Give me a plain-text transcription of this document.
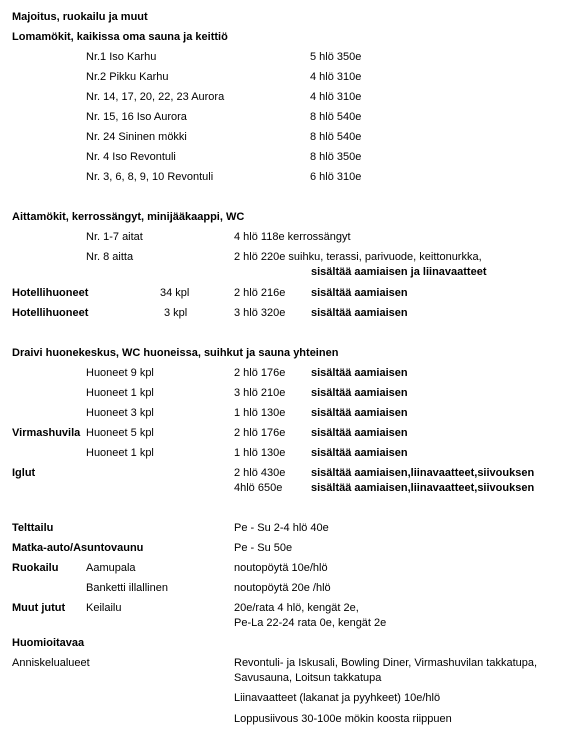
Majoitus, ruokailu ja muut
Lomamökit, kaikissa oma sauna ja keittiö
Nr.1 Iso Karhu	5 hlö 350e
Nr.2 Pikku Karhu	4 hlö 310e
Nr. 14, 17, 20, 22, 23 Aurora	4 hlö 310e
Nr. 15, 16 Iso Aurora	8 hlö 540e
Nr. 24 Sininen mökki	8 hlö 540e
Nr. 4 Iso Revontuli	8 hlö 350e
Nr. 3, 6, 8, 9, 10 Revontuli	6 hlö 310e
Aittamökit, kerrossängyt, minijääkaappi, WC
Nr. 1-7 aitat	4 hlö 118e kerrossängyt
Nr. 8 aitta	2 hlö 220e suihku, terassi, parivuode, keittonurkka,
sisältää aamiaisen ja liinavaatteet
Hotellihuoneet	34 kpl	2 hlö 216e sisältää aamiaisen
Hotellihuoneet	3 kpl	3 hlö 320e sisältää aamiaisen
Draivi huonekeskus, WC huoneissa, suihkut ja sauna yhteinen
Huoneet 9 kpl	2 hlö 176e sisältää aamiaisen
Huoneet 1 kpl	3 hlö 210e sisältää aamiaisen
Huoneet 3 kpl	1 hlö 130e sisältää aamiaisen
Virmashuvila Huoneet 5 kpl	2 hlö 176e sisältää aamiaisen
Huoneet 1 kpl	1 hlö 130e sisältää aamiaisen
Iglut	2 hlö 430e sisältää aamiaisen,liinavaatteet,siivouksen
4hlö 650e	sisältää aamiaisen,liinavaatteet,siivouksen
Telttailu	Pe - Su 2-4 hlö 40e
Matka-auto/Asuntovaunu	Pe - Su 50e
Ruokailu	Aamupala	noutopöytä 10e/hlö
Banketti illallinen	noutopöytä 20e /hlö
Muut jutut Keilailu	20e/rata 4 hlö, kengät 2e,
Pe-La 22-24 rata 0e, kengät 2e
Huomioitavaa
Anniskelualueet	Revontuli- ja Iskusali, Bowling Diner, Virmashuvilan takkatupa,
Savusauna, Loitsun takkatupa
Liinavaatteet (lakanat ja pyyhkeet) 10e/hlö
Loppusiivous 30-100e mökin koosta riippuen
